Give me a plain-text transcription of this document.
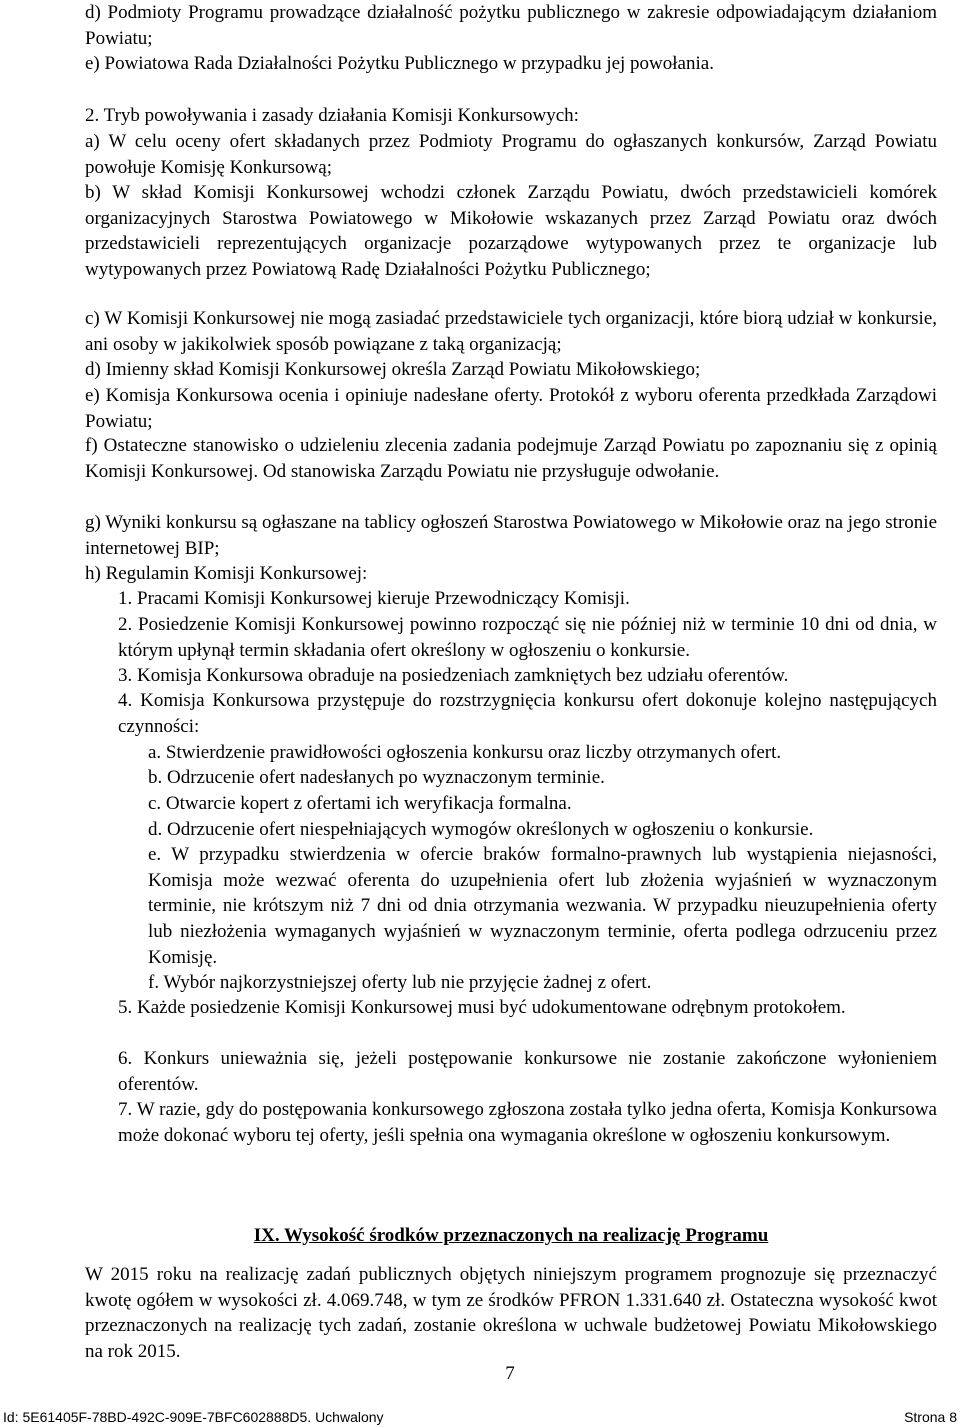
d) Podmioty Programu prowadzące działalność pożytku publicznego w zakresie odpowiadającym działaniom Powiatu;

e) Powiatowa Rada Działalności Pożytku Publicznego w przypadku jej powołania.

2. Tryb powoływania i zasady działania Komisji Konkursowych:

a) W celu oceny ofert składanych przez Podmioty Programu do ogłaszanych konkursów, Zarząd Powiatu powołuje Komisję Konkursową;

b) W skład Komisji Konkursowej wchodzi członek Zarządu Powiatu, dwóch przedstawicieli komórek organizacyjnych Starostwa Powiatowego w Mikołowie wskazanych przez Zarząd Powiatu oraz dwóch przedstawicieli reprezentujących organizacje pozarządowe wytypowanych przez te organizacje lub wytypowanych przez Powiatową Radę Działalności Pożytku Publicznego;

c) W Komisji Konkursowej nie mogą zasiadać przedstawiciele tych organizacji, które biorą udział w konkursie, ani osoby w jakikolwiek sposób powiązane z taką organizacją;

d) Imienny skład Komisji Konkursowej określa Zarząd Powiatu Mikołowskiego;

e) Komisja Konkursowa ocenia i opiniuje nadesłane oferty. Protokół z wyboru oferenta przedkłada Zarządowi Powiatu;

f) Ostateczne stanowisko o udzieleniu zlecenia zadania podejmuje Zarząd Powiatu po zapoznaniu się z opinią Komisji Konkursowej. Od stanowiska Zarządu Powiatu nie przysługuje odwołanie.

g) Wyniki konkursu są ogłaszane na tablicy ogłoszeń Starostwa Powiatowego w Mikołowie oraz na jego stronie internetowej BIP;

h) Regulamin Komisji Konkursowej:

1. Pracami Komisji Konkursowej kieruje Przewodniczący Komisji.

2. Posiedzenie Komisji Konkursowej powinno rozpocząć się nie później niż w terminie 10 dni od dnia, w którym upłynął termin składania ofert określony w ogłoszeniu o konkursie.

3. Komisja Konkursowa obraduje na posiedzeniach zamkniętych bez udziału oferentów.

4. Komisja Konkursowa przystępuje do rozstrzygnięcia konkursu ofert dokonuje kolejno następujących czynności:

a. Stwierdzenie prawidłowości ogłoszenia konkursu oraz liczby otrzymanych ofert.

b. Odrzucenie ofert nadesłanych po wyznaczonym terminie.

c. Otwarcie kopert z ofertami ich weryfikacja formalna.

d. Odrzucenie ofert niespełniających wymogów określonych w ogłoszeniu o konkursie.

e. W przypadku stwierdzenia w ofercie braków formalno-prawnych lub wystąpienia niejasności, Komisja może wezwać oferenta do uzupełnienia ofert lub złożenia wyjaśnień w wyznaczonym terminie, nie krótszym niż 7 dni od dnia otrzymania wezwania. W przypadku nieuzupełnienia oferty lub niezłożenia wymaganych wyjaśnień w wyznaczonym terminie, oferta podlega odrzuceniu przez Komisję.

f. Wybór najkorzystniejszej oferty lub nie przyjęcie żadnej z ofert.

5. Każde posiedzenie Komisji Konkursowej musi być udokumentowane odrębnym protokołem.

6. Konkurs unieważnia się, jeżeli postępowanie konkursowe nie zostanie zakończone wyłonieniem oferentów.

7. W razie, gdy do postępowania konkursowego zgłoszona została tylko jedna oferta, Komisja Konkursowa może dokonać wyboru tej oferty, jeśli spełnia ona wymagania określone w ogłoszeniu konkursowym.

IX. Wysokość środków przeznaczonych na realizację Programu

W 2015 roku na realizację zadań publicznych objętych niniejszym programem prognozuje się przeznaczyć kwotę ogółem w wysokości zł. 4.069.748, w tym ze środków PFRON 1.331.640 zł. Ostateczna wysokość kwot przeznaczonych na realizację tych zadań, zostanie określona w uchwale budżetowej Powiatu Mikołowskiego na rok 2015.

7
Id: 5E61405F-78BD-492C-909E-7BFC602888D5. Uchwalony	Strona 8
